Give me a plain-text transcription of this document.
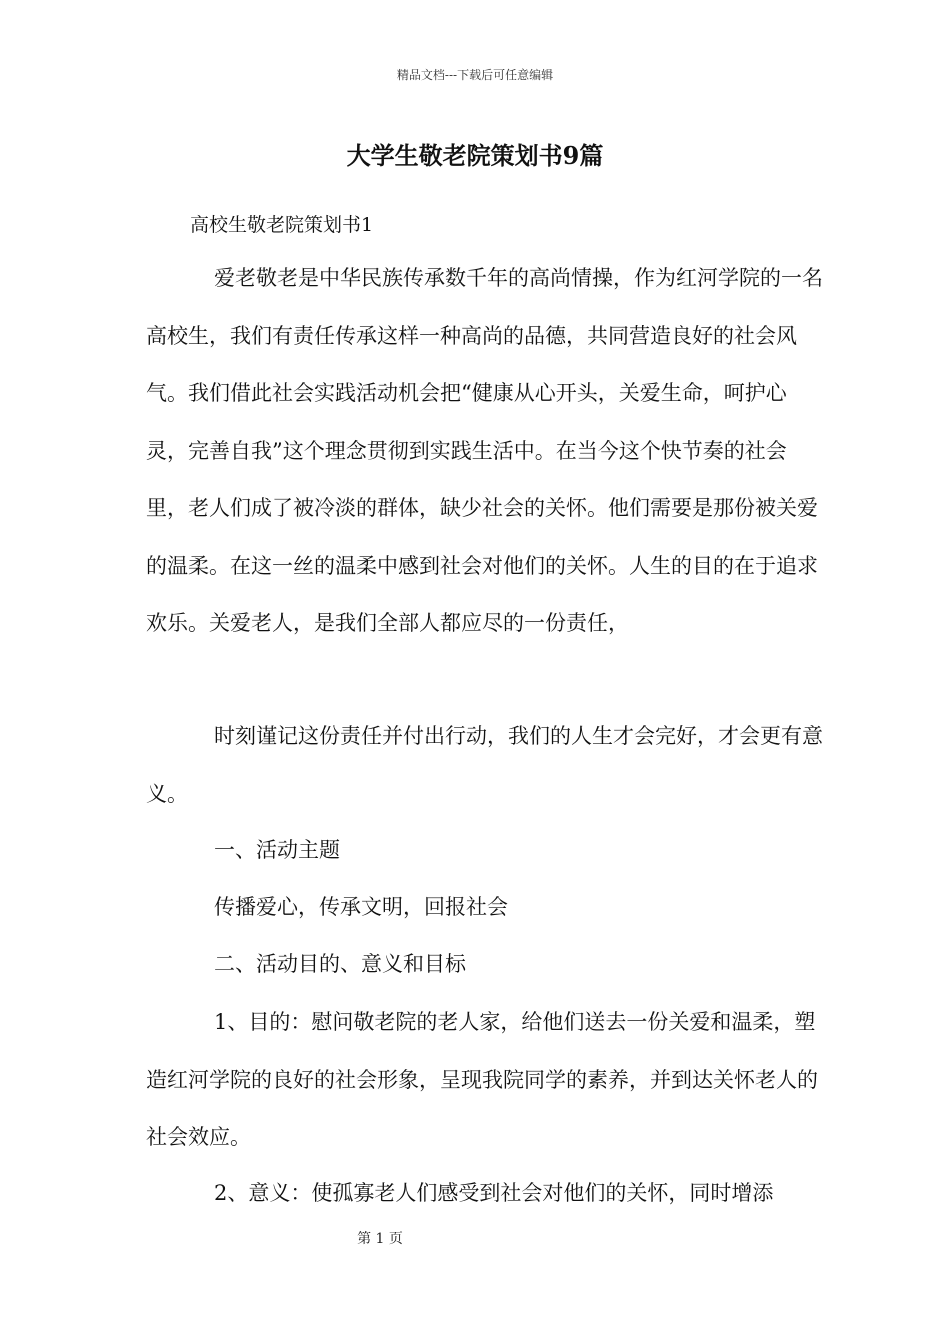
精品文档---下载后可任意编辑
大学生敬老院策划书9篇
高校生敬老院策划书1

爱老敬老是中华民族传承数千年的高尚情操，作为红河学院的一名高校生，我们有责任传承这样一种高尚的品德，共同营造良好的社会风气。我们借此社会实践活动机会把“健康从心开头，关爱生命，呵护心灵，完善自我”这个理念贯彻到实践生活中。在当今这个快节奏的社会里，老人们成了被冷淡的群体，缺少社会的关怀。他们需要是那份被关爱的温柔。在这一丝的温柔中感到社会对他们的关怀。人生的目的在于追求欢乐。关爱老人，是我们全部人都应尽的一份责任，

时刻谨记这份责任并付出行动，我们的人生才会完好，才会更有意义。

一、活动主题

传播爱心，传承文明，回报社会

二、活动目的、意义和目标

1、目的：慰问敬老院的老人家，给他们送去一份关爱和温柔，塑造红河学院的良好的社会形象，呈现我院同学的素养，并到达关怀老人的社会效应。

2、意义：使孤寡老人们感受到社会对他们的关怀，同时增添

第 1 页
